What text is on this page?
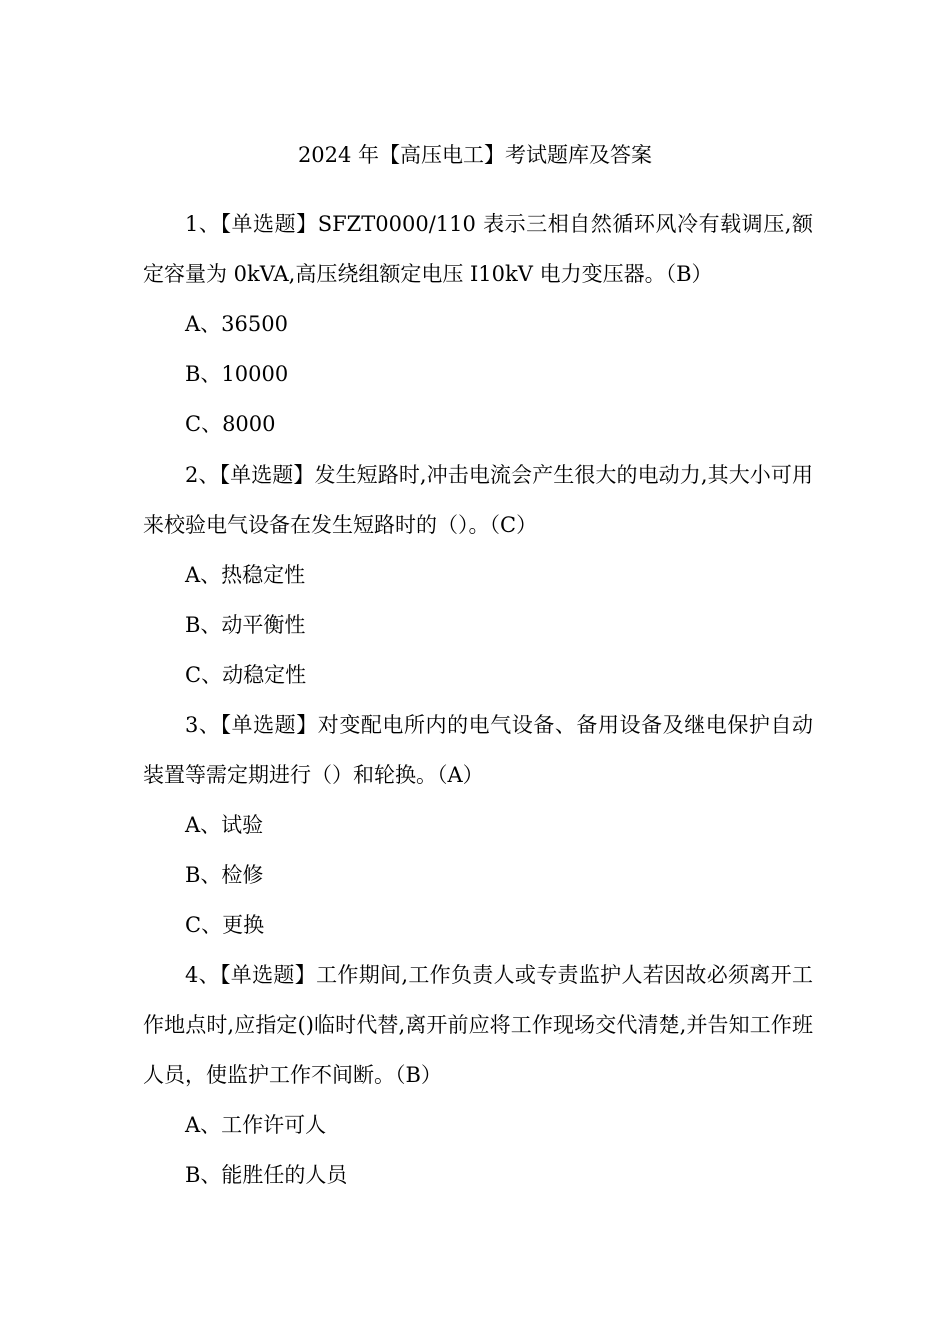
2024 年【高压电工】考试题库及答案

1、【单选题】SFZT0000/110 表示三相自然循环风冷有载调压,额定容量为 0kVA,高压绕组额定电压 I10kV 电力变压器。（B）

A、36500

B、10000

C、8000

2、【单选题】发生短路时,冲击电流会产生很大的电动力,其大小可用来校验电气设备在发生短路时的（）。（C）

A、热稳定性

B、动平衡性

C、动稳定性

3、【单选题】对变配电所内的电气设备、备用设备及继电保护自动装置等需定期进行（）和轮换。（A）

A、试验

B、检修

C、更换

4、【单选题】工作期间,工作负责人或专责监护人若因故必须离开工作地点时,应指定()临时代替,离开前应将工作现场交代清楚,并告知工作班人员，使监护工作不间断。（B）

A、工作许可人

B、能胜任的人员
